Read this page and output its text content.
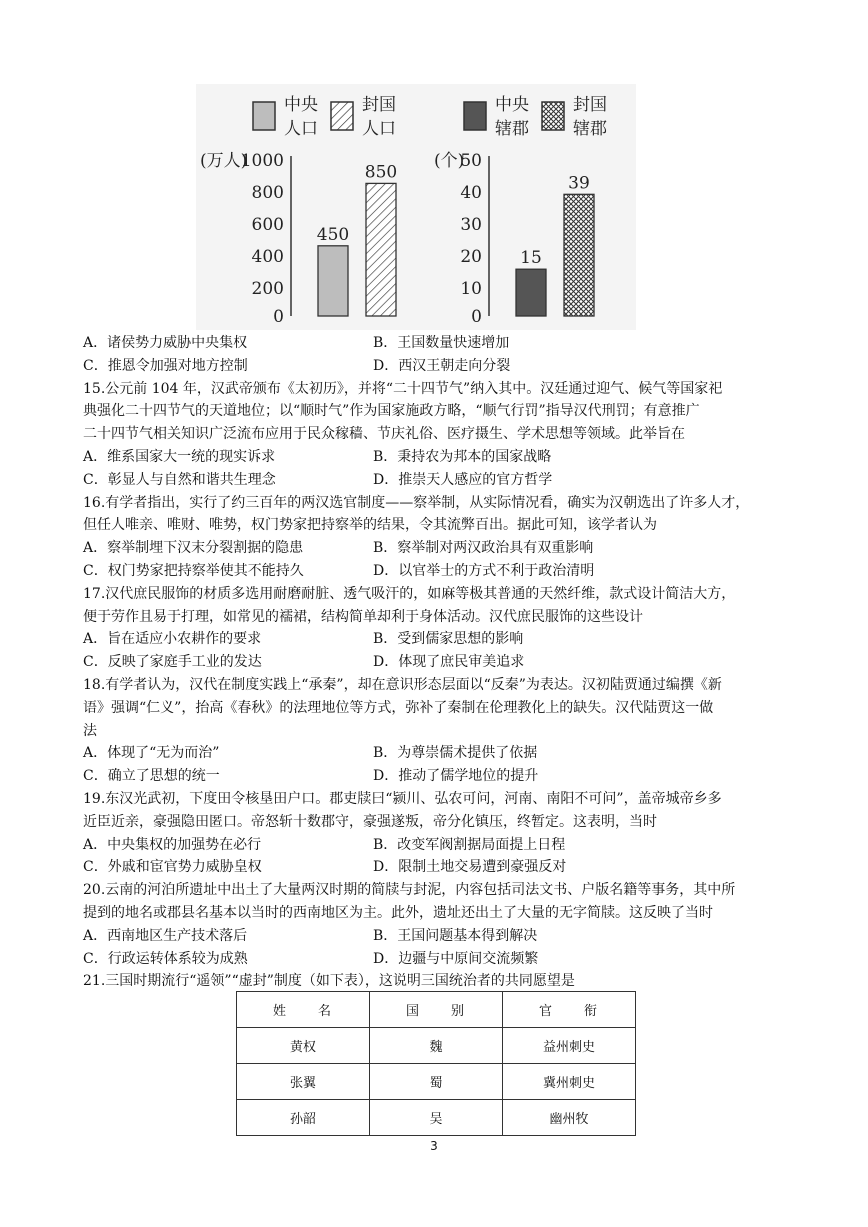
中央
人口
封国
人口
(万人)
1000
800
600
400
200
0
450
850
中央
辖郡
封国
辖郡
(个)
50
40
30
20
10
0
15
39
A．诸侯势力威胁中央集权	B．王国数量快速增加
C．推恩令加强对地方控制	D．西汉王朝走向分裂
15.公元前 104 年，汉武帝颁布《太初历》，并将“二十四节气”纳入其中。汉廷通过迎气、候气等国家祀
典强化二十四节气的天道地位；以“顺时气”作为国家施政方略，“顺气行罚”指导汉代刑罚；有意推广
二十四节气相关知识广泛流布应用于民众稼穑、节庆礼俗、医疗摄生、学术思想等领域。此举旨在
A．维系国家大一统的现实诉求	B．秉持农为邦本的国家战略
C．彰显人与自然和谐共生理念	D．推崇天人感应的官方哲学
16.有学者指出，实行了约三百年的两汉选官制度——察举制，从实际情况看，确实为汉朝选出了许多人才，
但任人唯亲、唯财、唯势，权门势家把持察举的结果，令其流弊百出。据此可知，该学者认为
A．察举制埋下汉末分裂割据的隐患	B．察举制对两汉政治具有双重影响
C．权门势家把持察举使其不能持久	D．以官举士的方式不利于政治清明
17.汉代庶民服饰的材质多选用耐磨耐脏、透气吸汗的，如麻等极其普通的天然纤维，款式设计简洁大方，
便于劳作且易于打理，如常见的襦裙，结构简单却利于身体活动。汉代庶民服饰的这些设计
A．旨在适应小农耕作的要求	B．受到儒家思想的影响
C．反映了家庭手工业的发达	D．体现了庶民审美追求
18.有学者认为，汉代在制度实践上“承秦”，却在意识形态层面以“反秦”为表达。汉初陆贾通过编撰《新
语》强调“仁义”，抬高《春秋》的法理地位等方式，弥补了秦制在伦理教化上的缺失。汉代陆贾这一做
法
A．体现了“无为而治”	B．为尊崇儒术提供了依据
C．确立了思想的统一	D．推动了儒学地位的提升
19.东汉光武初，下度田令核垦田户口。郡吏牍曰“颍川、弘农可问，河南、南阳不可问”，盖帝城帝乡多
近臣近亲，豪强隐田匿口。帝怒斩十数郡守，豪强遂叛，帝分化镇压，终暂定。这表明，当时
A．中央集权的加强势在必行	B．改变军阀割据局面提上日程
C．外戚和宦官势力威胁皇权	D．限制土地交易遭到豪强反对
20.云南的河泊所遗址中出土了大量两汉时期的简牍与封泥，内容包括司法文书、户版名籍等事务，其中所
提到的地名或郡县名基本以当时的西南地区为主。此外，遗址还出土了大量的无字简牍。这反映了当时
A．西南地区生产技术落后	B．王国问题基本得到解决
C．行政运转体系较为成熟	D．边疆与中原间交流频繁
21.三国时期流行“遥领”“虚封”制度（如下表），这说明三国统治者的共同愿望是
姓　　名	国　　别	官　　衔
黄权	魏	益州刺史
张翼	蜀	冀州刺史
孙韶	吴	幽州牧
3
